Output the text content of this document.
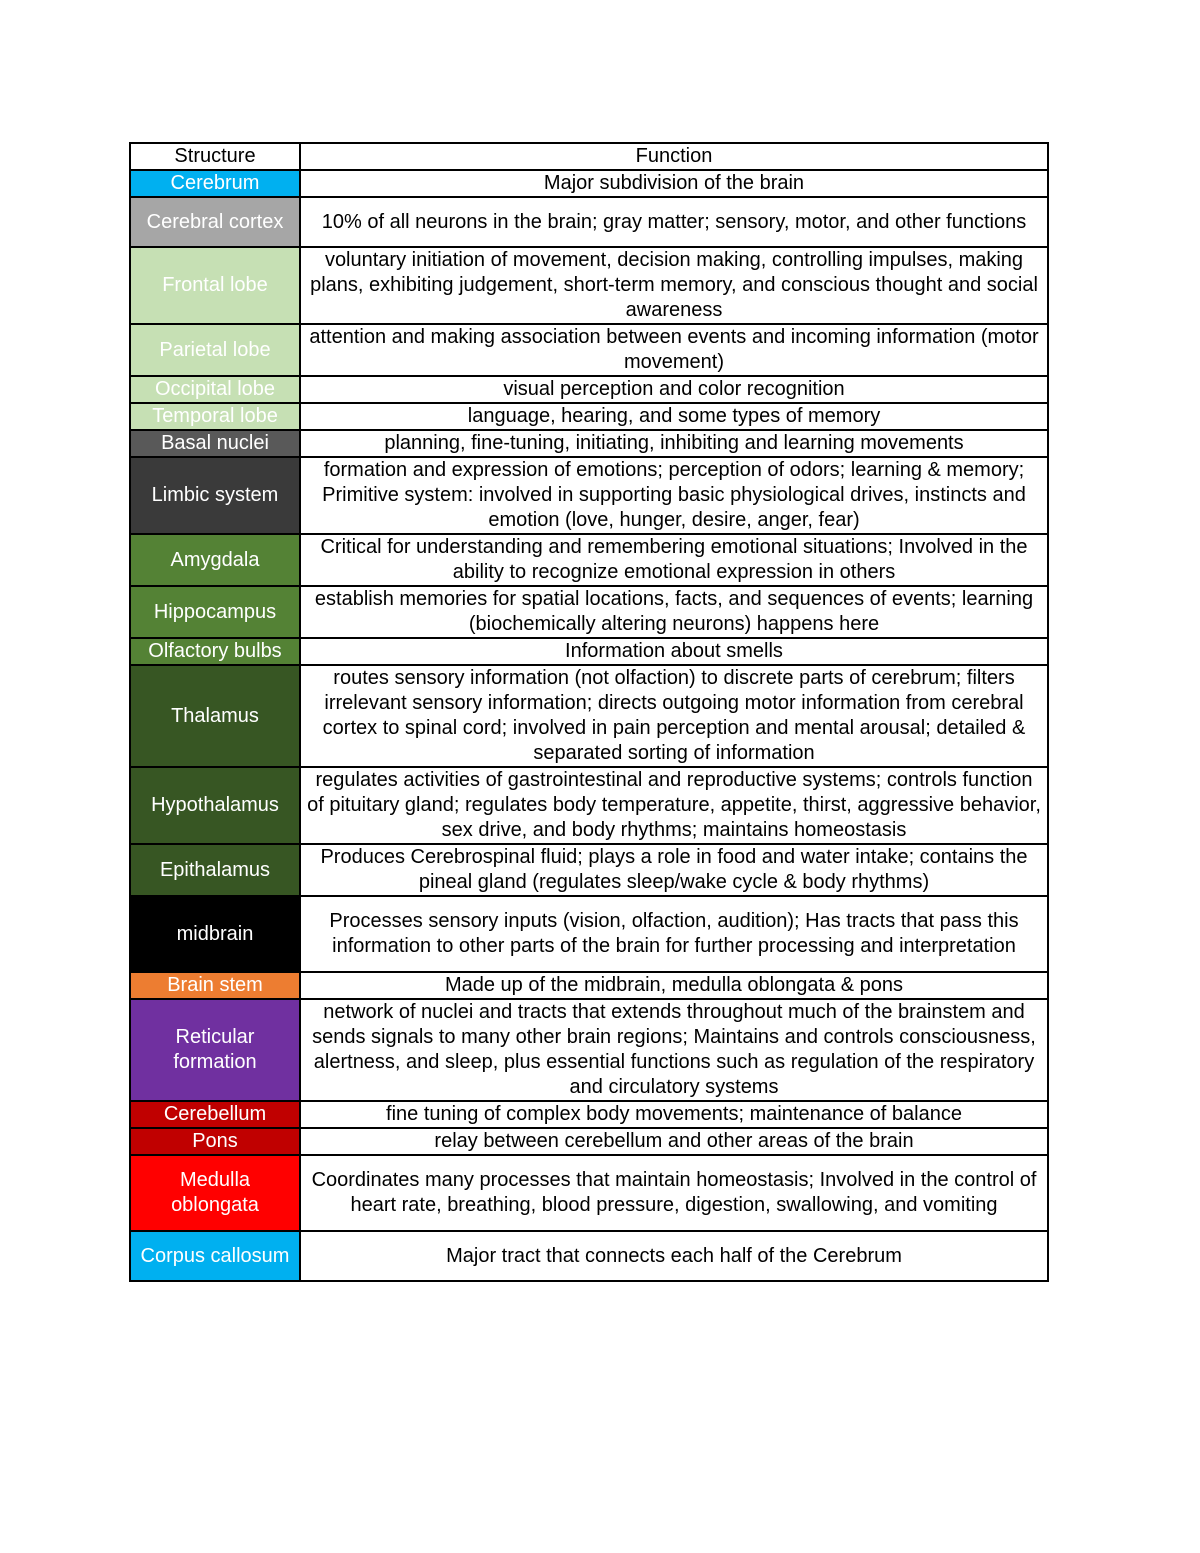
Structure	Function
Cerebrum	Major subdivision of the brain
Cerebral cortex	10% of all neurons in the brain; gray matter; sensory, motor, and other functions
Frontal lobe	voluntary initiation of movement, decision making, controlling impulses, making plans, exhibiting judgement, short-term memory, and conscious thought and social awareness
Parietal lobe	attention and making association between events and incoming information (motor movement)
Occipital lobe	visual perception and color recognition
Temporal lobe	language, hearing, and some types of memory
Basal nuclei	planning, fine-tuning, initiating, inhibiting and learning movements
Limbic system	formation and expression of emotions; perception of odors; learning & memory; Primitive system: involved in supporting basic physiological drives, instincts and emotion (love, hunger, desire, anger, fear)
Amygdala	Critical for understanding and remembering emotional situations; Involved in the ability to recognize emotional expression in others
Hippocampus	establish memories for spatial locations, facts, and sequences of events; learning (biochemically altering neurons) happens here
Olfactory bulbs	Information about smells
Thalamus	routes sensory information (not olfaction) to discrete parts of cerebrum; filters irrelevant sensory information; directs outgoing motor information from cerebral cortex to spinal cord; involved in pain perception and mental arousal; detailed & separated sorting of information
Hypothalamus	regulates activities of gastrointestinal and reproductive systems; controls function of pituitary gland; regulates body temperature, appetite, thirst, aggressive behavior, sex drive, and body rhythms; maintains homeostasis
Epithalamus	Produces Cerebrospinal fluid; plays a role in food and water intake; contains the pineal gland (regulates sleep/wake cycle & body rhythms)
midbrain	Processes sensory inputs (vision, olfaction, audition); Has tracts that pass this information to other parts of the brain for further processing and interpretation
Brain stem	Made up of the midbrain, medulla oblongata & pons
Reticular formation	network of nuclei and tracts that extends throughout much of the brainstem and sends signals to many other brain regions; Maintains and controls consciousness, alertness, and sleep, plus essential functions such as regulation of the respiratory and circulatory systems
Cerebellum	fine tuning of complex body movements; maintenance of balance
Pons	relay between cerebellum and other areas of the brain
Medulla oblongata	Coordinates many processes that maintain homeostasis; Involved in the control of heart rate, breathing, blood pressure, digestion, swallowing, and vomiting
Corpus callosum	Major tract that connects each half of the Cerebrum
